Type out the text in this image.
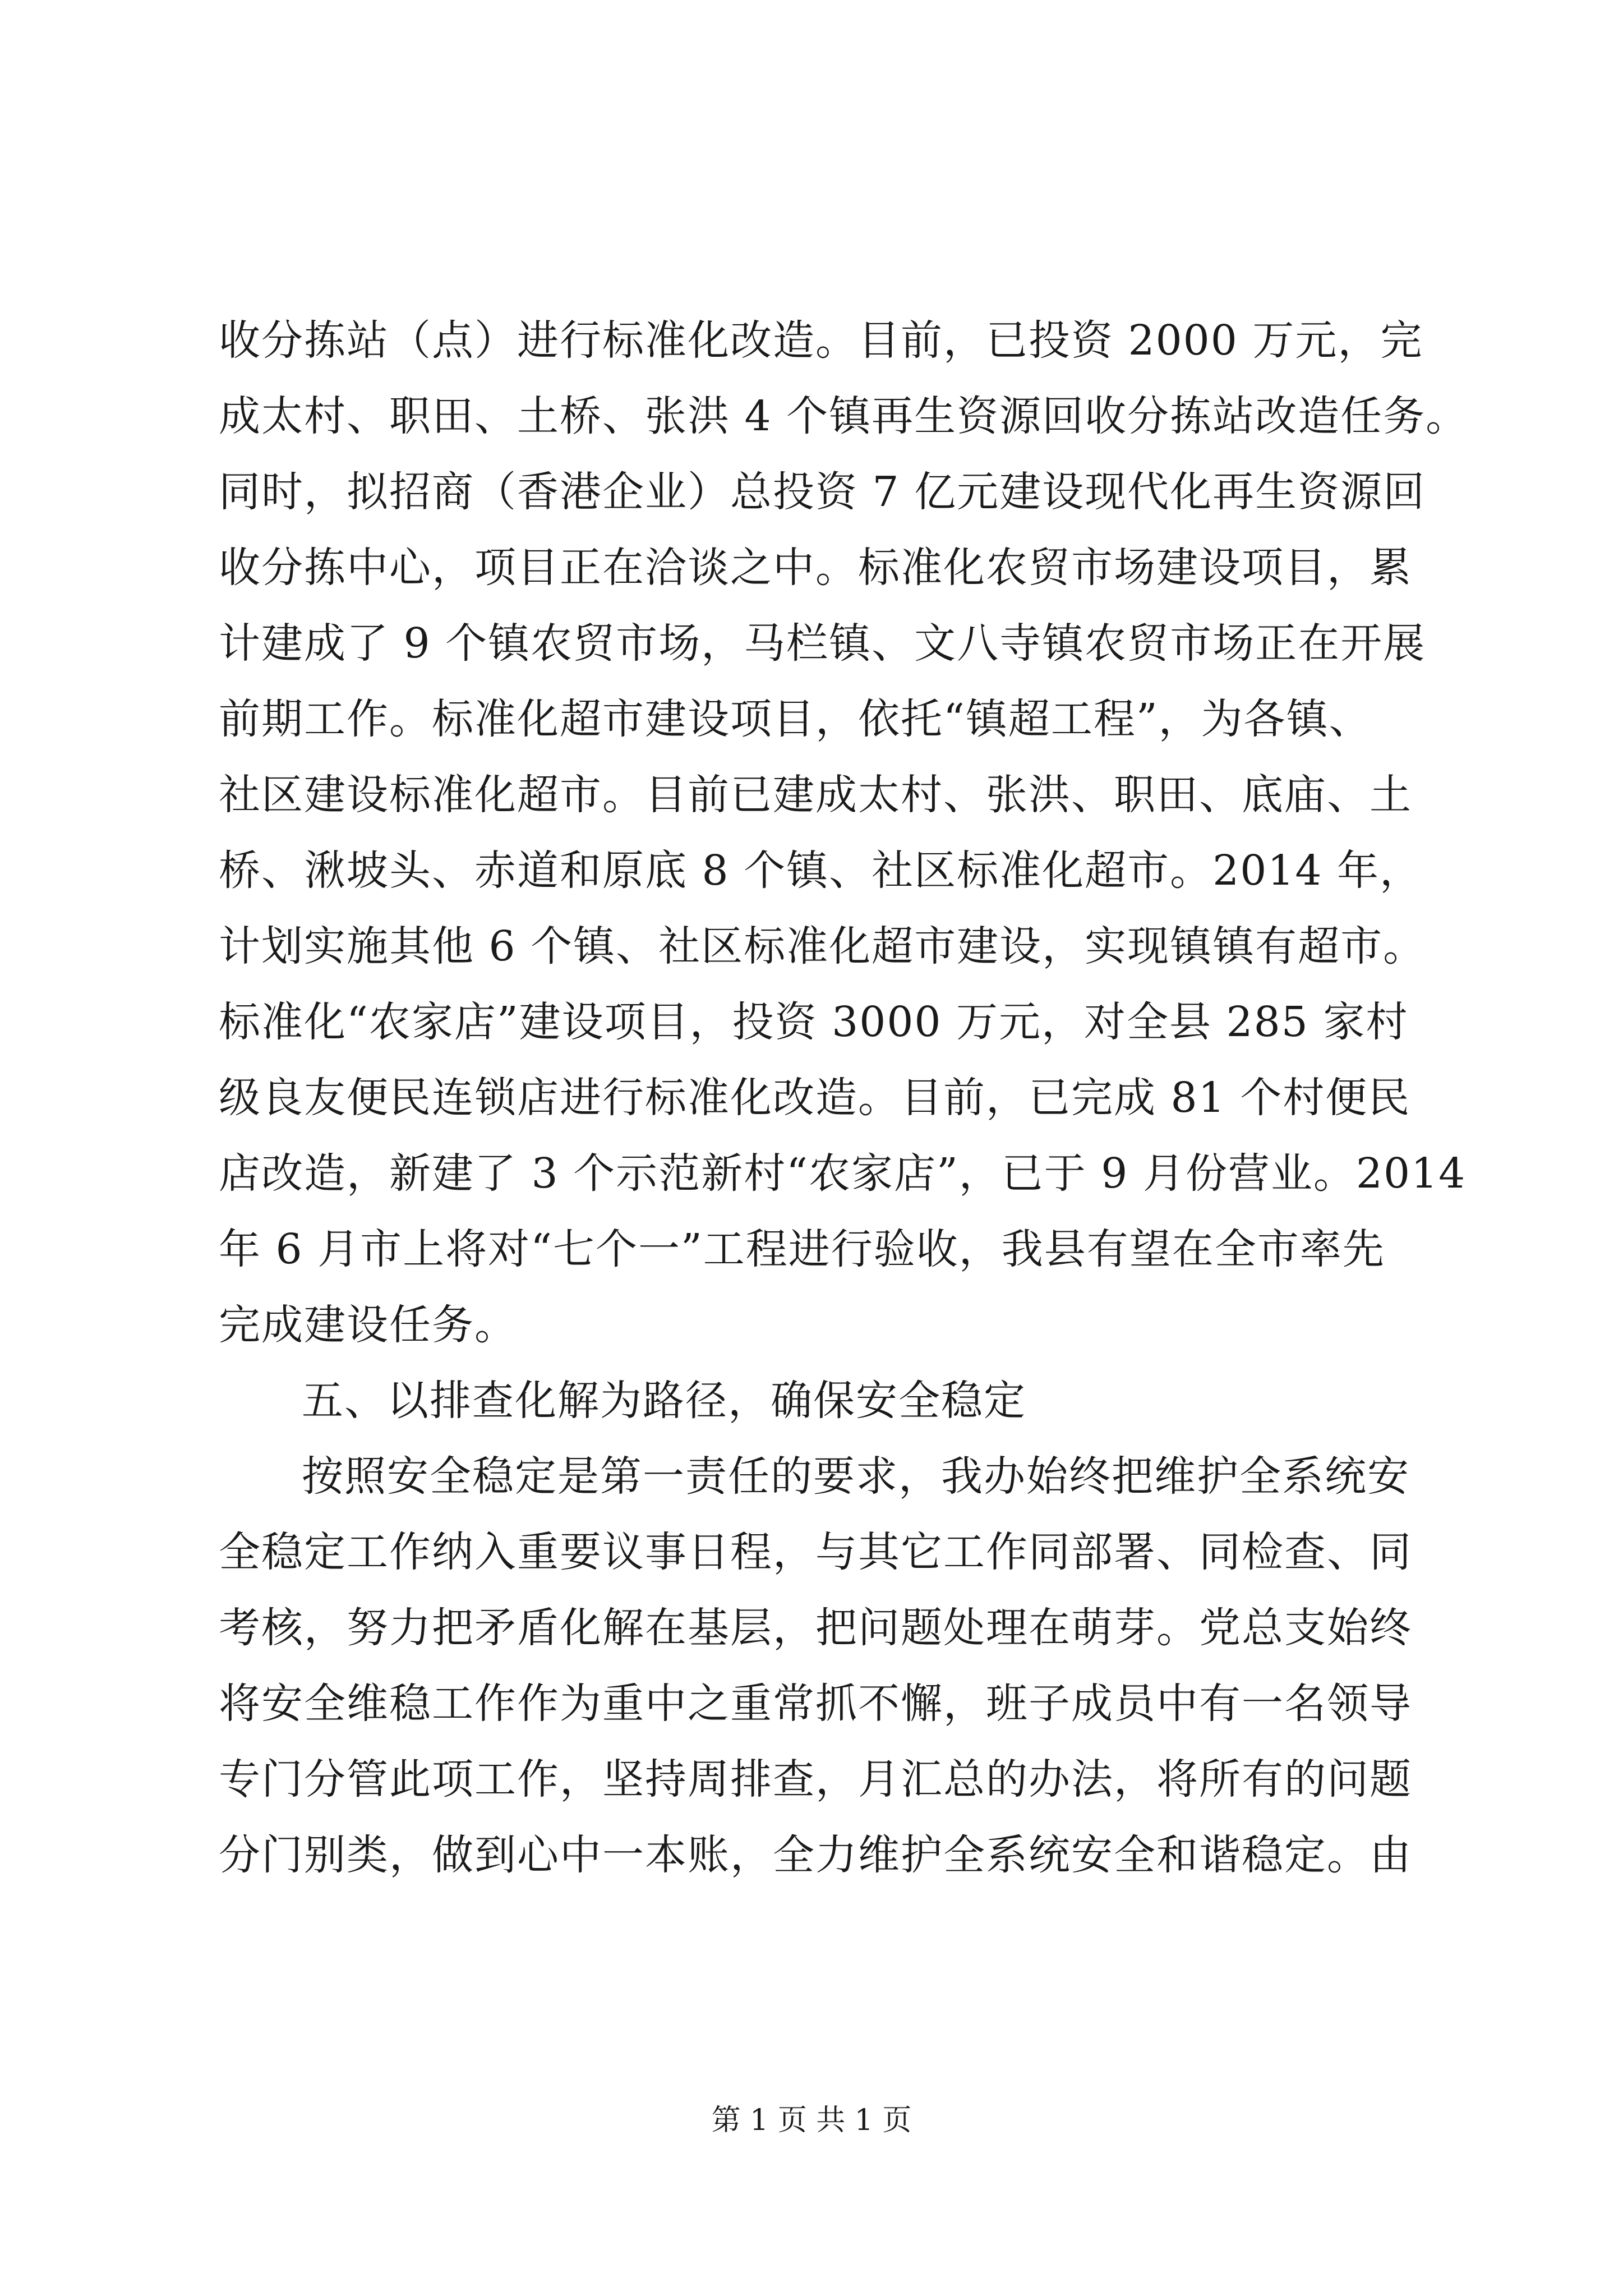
收分拣站（点）进行标准化改造。目前，已投资 2000 万元，完
成太村、职田、土桥、张洪 4 个镇再生资源回收分拣站改造任务。
同时，拟招商（香港企业）总投资 7 亿元建设现代化再生资源回
收分拣中心，项目正在洽谈之中。标准化农贸市场建设项目，累
计建成了 9 个镇农贸市场，马栏镇、文八寺镇农贸市场正在开展
前期工作。标准化超市建设项目，依托“镇超工程”，为各镇、
社区建设标准化超市。目前已建成太村、张洪、职田、底庙、土
桥、湫坡头、赤道和原底 8 个镇、社区标准化超市。2014 年，
计划实施其他 6 个镇、社区标准化超市建设，实现镇镇有超市。
标准化“农家店”建设项目，投资 3000 万元，对全县 285 家村
级良友便民连锁店进行标准化改造。目前，已完成 81 个村便民
店改造，新建了 3 个示范新村“农家店”，已于 9 月份营业。2014
年 6 月市上将对“七个一”工程进行验收，我县有望在全市率先
完成建设任务。
五、以排查化解为路径，确保安全稳定
按照安全稳定是第一责任的要求，我办始终把维护全系统安
全稳定工作纳入重要议事日程，与其它工作同部署、同检查、同
考核，努力把矛盾化解在基层，把问题处理在萌芽。党总支始终
将安全维稳工作作为重中之重常抓不懈，班子成员中有一名领导
专门分管此项工作，坚持周排查，月汇总的办法，将所有的问题
分门别类，做到心中一本账，全力维护全系统安全和谐稳定。由
第 1 页 共 1 页
